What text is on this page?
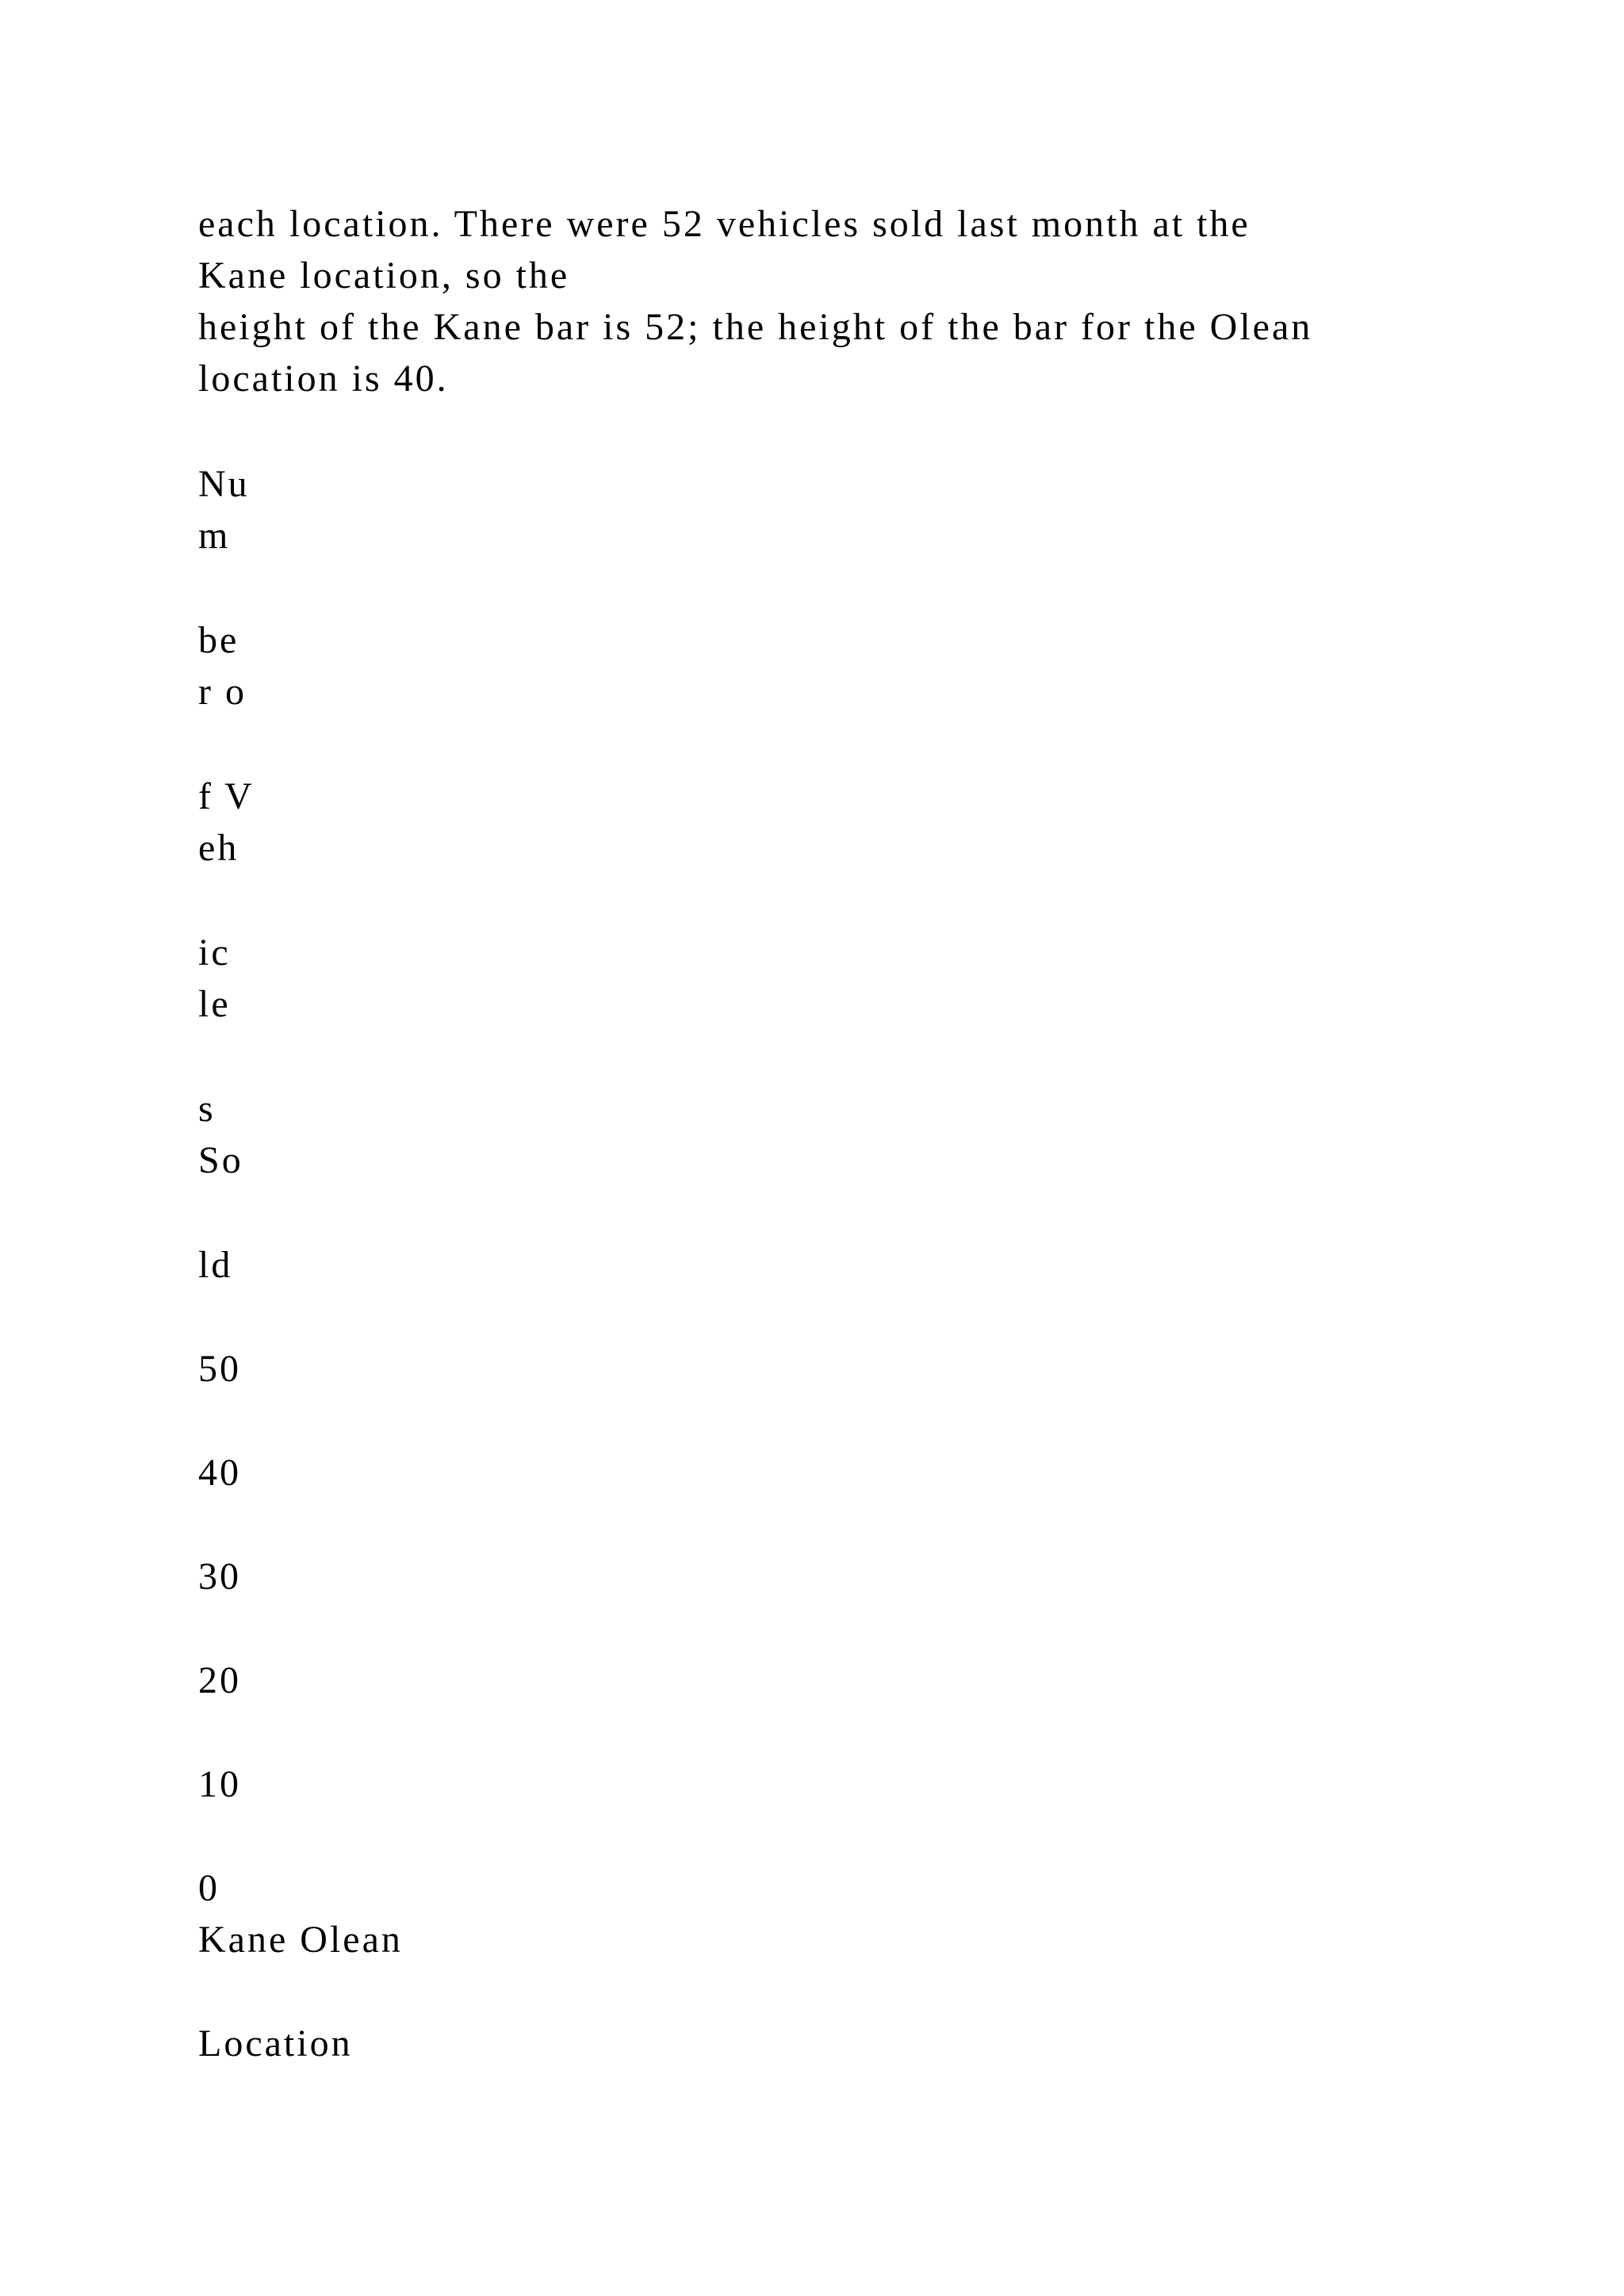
each location. There were 52 vehicles sold last month at the

Kane location, so the

height of the Kane bar is 52; the height of the bar for the Olean

location is 40.

Nu

m

be

r o

f V

eh

ic

le

s

So

ld

50

40

30

20

10

0

Kane Olean

Location
